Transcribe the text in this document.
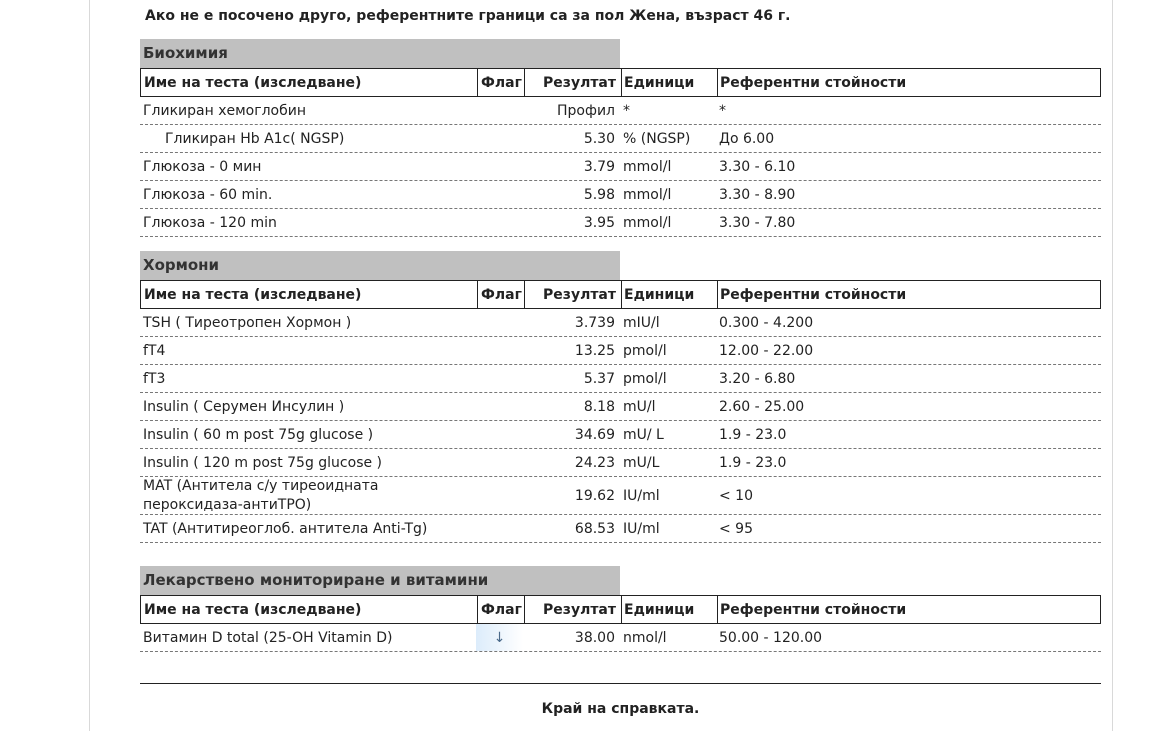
Ако не е посочено друго, референтните граници са за пол Жена, възраст 46 г.
Биохимия
Име на теста (изследване)	Флаг	Резултат Единици	Референтни стойности
Гликиран хемоглобин	Профил *	*
Гликиран Hb A1c( NGSP)	5.30 % (NGSP)	До 6.00
Глюкоза - 0 мин	3.79 mmol/l	3.30 - 6.10
Глюкоза - 60 min.	5.98 mmol/l	3.30 - 8.90
Глюкоза - 120 min	3.95 mmol/l	3.30 - 7.80
Хормони
Име на теста (изследване)	Флаг	Резултат Единици	Референтни стойности
TSH ( Тиреотропен Хормон )	3.739 mIU/l	0.300 - 4.200
fT4	13.25 pmol/l	12.00 - 22.00
fT3	5.37 pmol/l	3.20 - 6.80
Insulin ( Серумен Инсулин )	8.18 mU/l	2.60 - 25.00
Insulin ( 60 m post 75g glucose )	34.69 mU/ L	1.9 - 23.0
Insulin ( 120 m post 75g glucose )	24.23 mU/L	1.9 - 23.0
MAT (Антитела с/у тиреоидната
пероксидаза-антиTPO)
19.62 IU/ml	< 10
TAT (Антитиреоглоб. антитела Anti-Tg)	68.53 IU/ml	< 95
Лекарствено мониториране и витамини
Име на теста (изследване)	Флаг	Резултат Единици	Референтни стойности
Витамин D total (25-OH Vitamin D)	↓	38.00 nmol/l	50.00 - 120.00
Край на справката.
